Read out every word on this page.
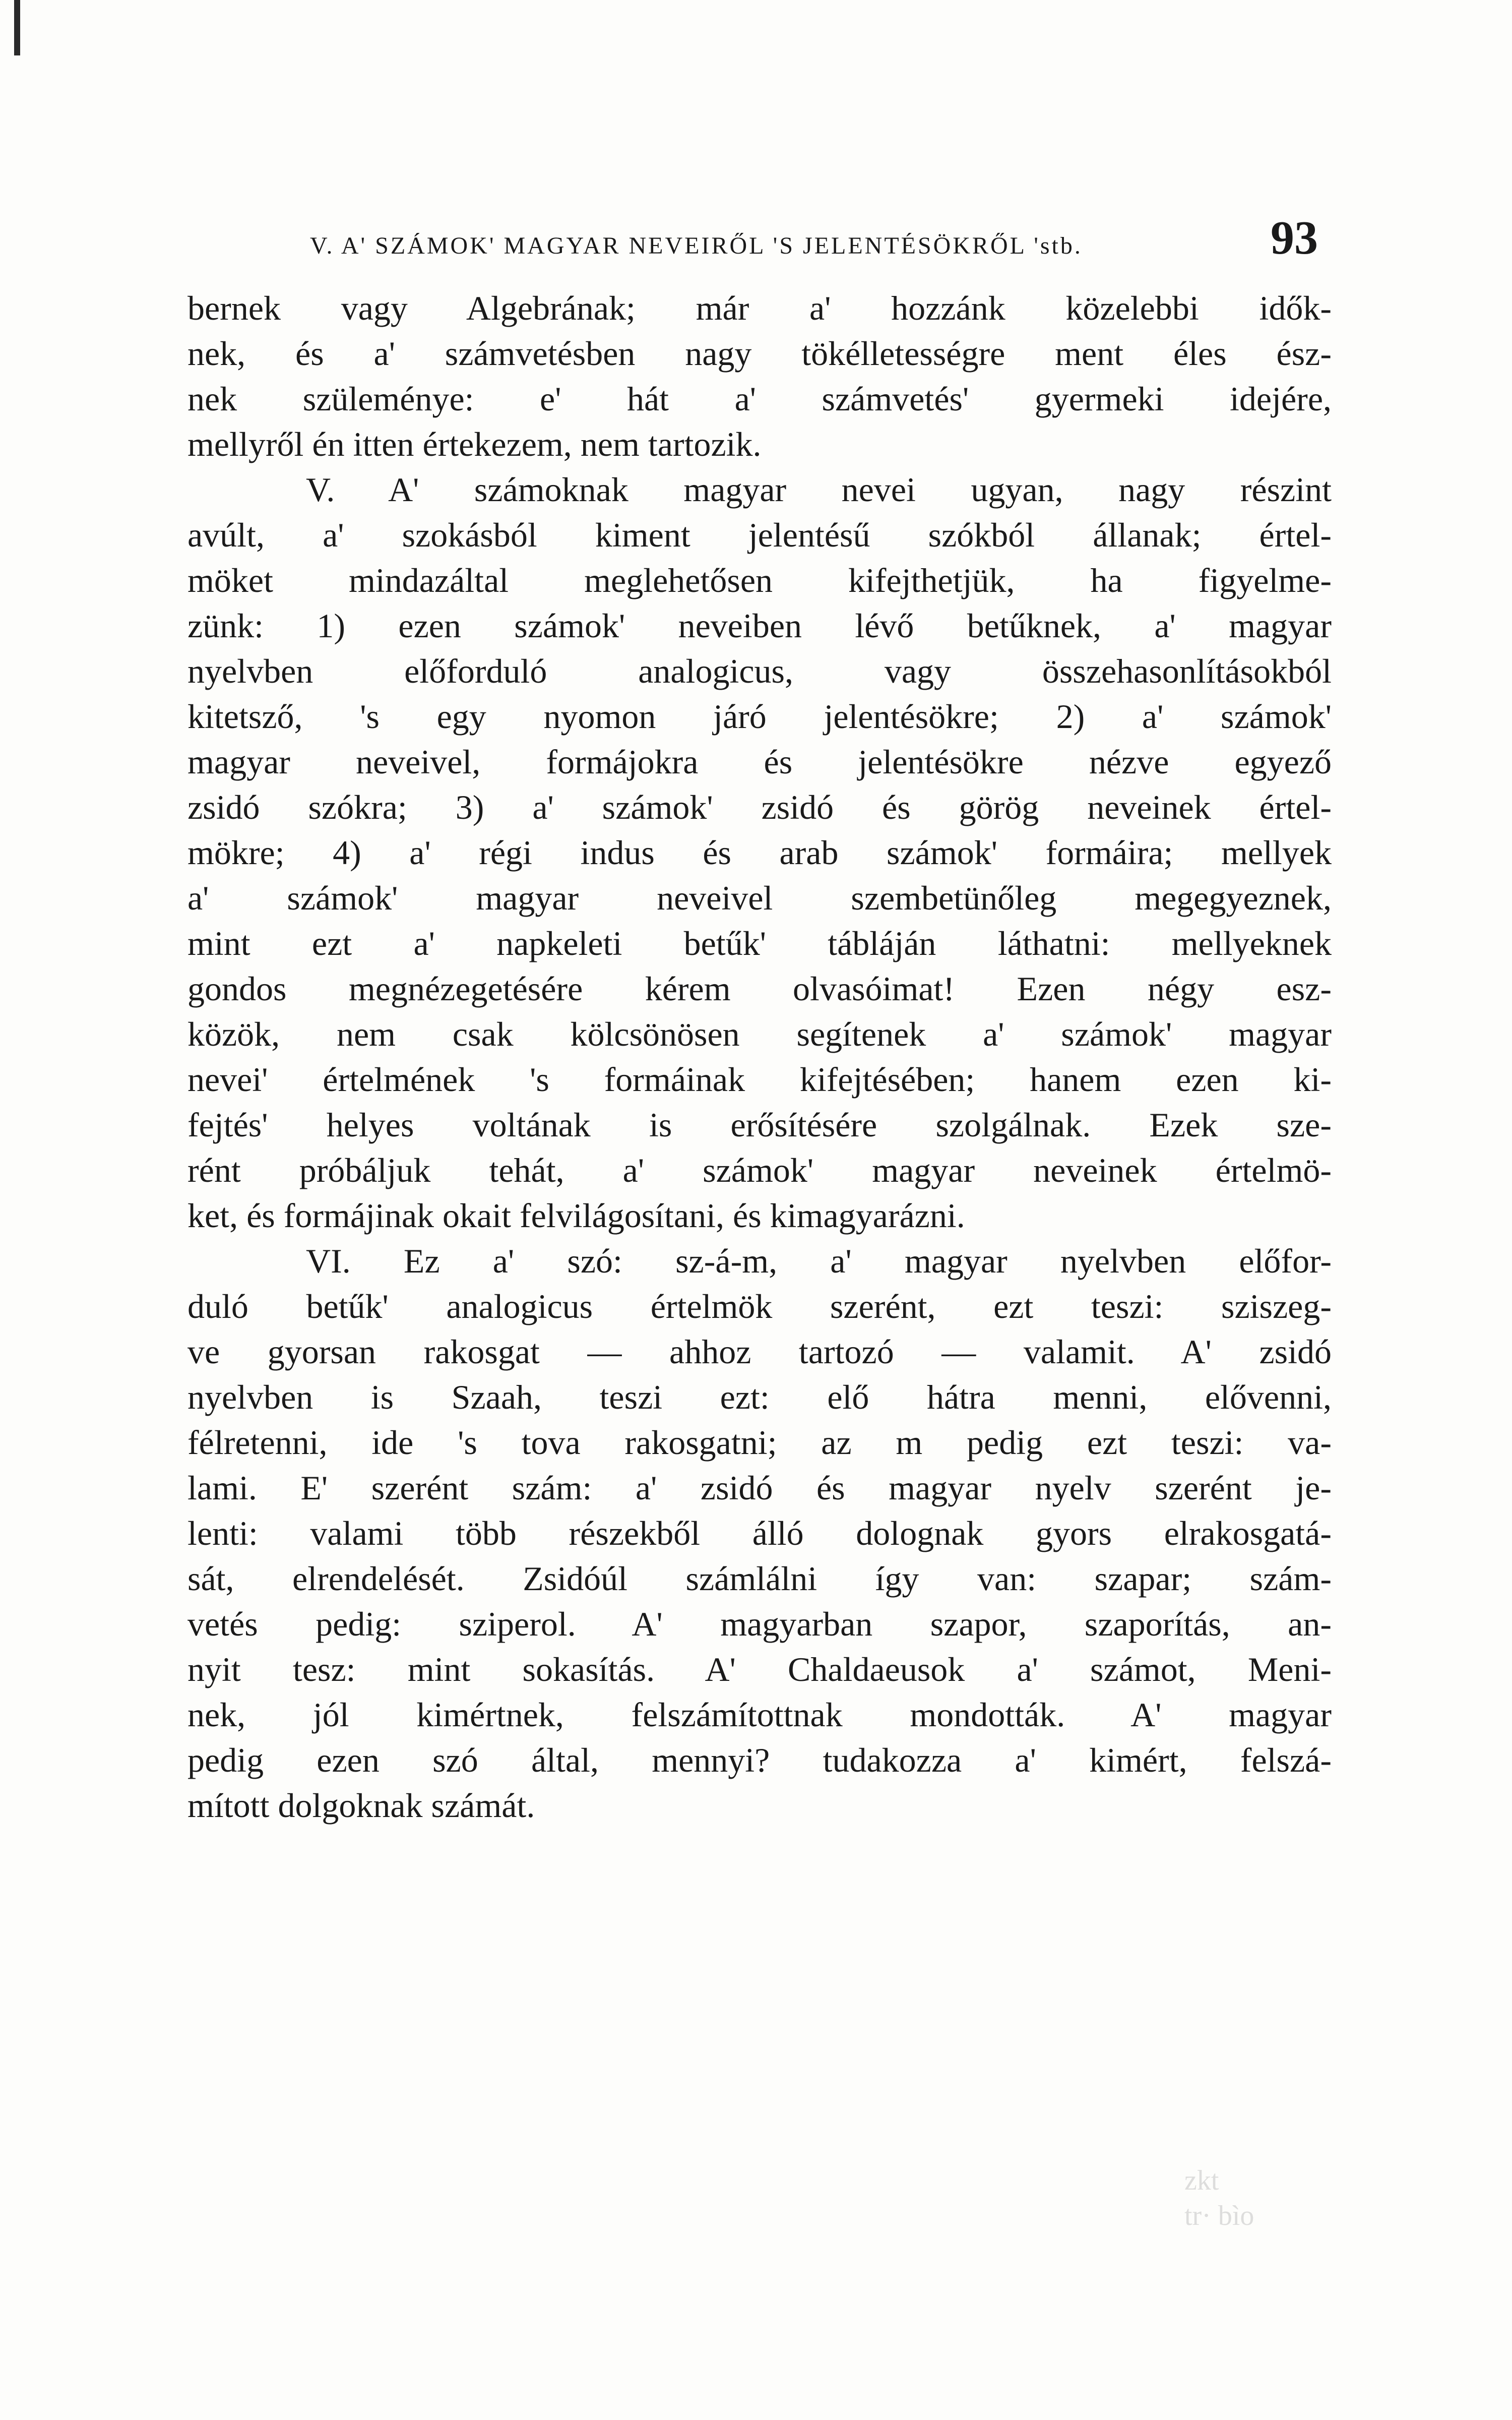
V. A' SZÁMOK' MAGYAR NEVEIRŐL 'S JELENTÉSÖKRŐL 'stb.	93
bernek vagy Algebrának; már a' hozzánk közelebbi idők-
nek, és a' számvetésben nagy tökélletességre ment éles ész-
nek szüleménye: e' hát a' számvetés' gyermeki idejére,
mellyről én itten értekezem, nem tartozik.
V. A' számoknak magyar nevei ugyan, nagy részint
avúlt, a' szokásból kiment jelentésű szókból állanak; értel-
möket mindazáltal meglehetősen kifejthetjük, ha figyelme-
zünk: 1) ezen számok' neveiben lévő betűknek, a' magyar
nyelvben előforduló analogicus, vagy összehasonlításokból
kitetsző, 's egy nyomon járó jelentésökre; 2) a' számok'
magyar neveivel, formájokra és jelentésökre nézve egyező
zsidó szókra; 3) a' számok' zsidó és görög neveinek értel-
mökre; 4) a' régi indus és arab számok' formáira; mellyek
a' számok' magyar neveivel szembetünőleg megegyeznek,
mint ezt a' napkeleti betűk' tábláján láthatni: mellyeknek
gondos megnézegetésére kérem olvasóimat! Ezen négy esz-
közök, nem csak kölcsönösen segítenek a' számok' magyar
nevei' értelmének 's formáinak kifejtésében; hanem ezen ki-
fejtés' helyes voltának is erősítésére szolgálnak. Ezek sze-
rént próbáljuk tehát, a' számok' magyar neveinek értelmö-
ket, és formájinak okait felvilágosítani, és kimagyarázni.
VI. Ez a' szó: sz-á-m, a' magyar nyelvben előfor-
duló betűk' analogicus értelmök szerént, ezt teszi: sziszeg-
ve gyorsan rakosgat — ahhoz tartozó — valamit. A' zsidó
nyelvben is Szaah, teszi ezt: elő hátra menni, elővenni,
félretenni, ide 's tova rakosgatni; az m pedig ezt teszi: va-
lami. E' szerént szám: a' zsidó és magyar nyelv szerént je-
lenti: valami több részekből álló dolognak gyors elrakosgatá-
sát, elrendelését. Zsidóúl számlálni így van: szapar; szám-
vetés pedig: sziperol. A' magyarban szapor, szaporítás, an-
nyit tesz: mint sokasítás. A' Chaldaeusok a' számot, Meni-
nek, jól kimértnek, felszámítottnak mondották. A' magyar
pedig ezen szó által, mennyi? tudakozza a' kimért, felszá-
mított dolgoknak számát.
zkt
tr· bìo
